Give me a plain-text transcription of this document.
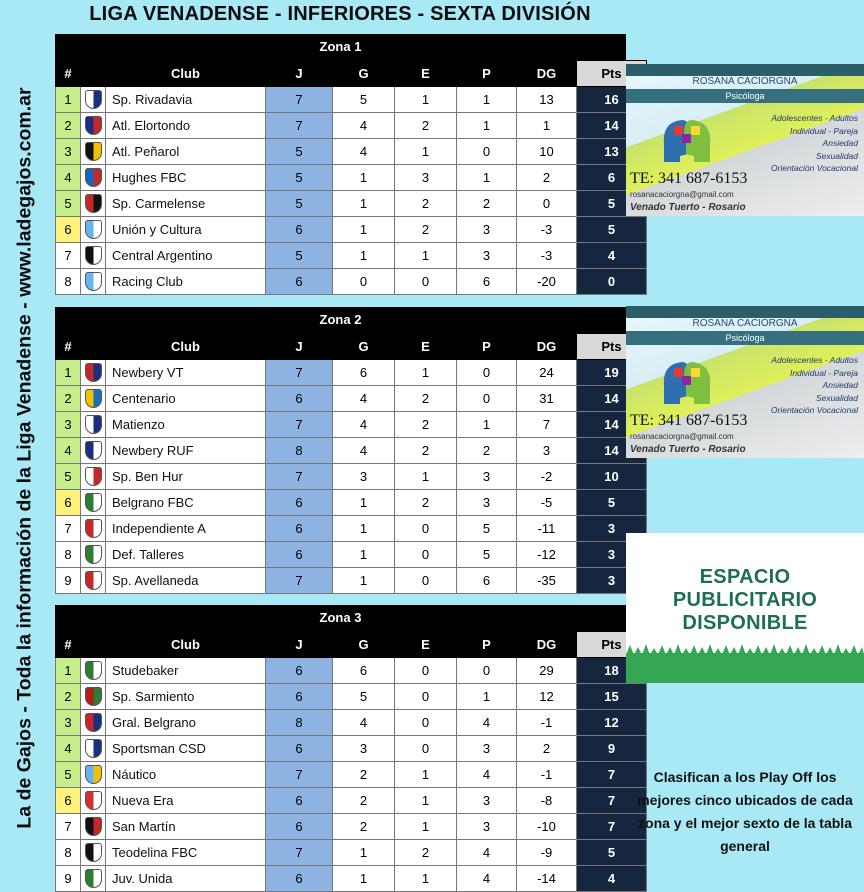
LIGA VENADENSE - INFERIORES - SEXTA DIVISIÓN
La de Gajos - Toda la información de la Liga Venadense - www.ladegajos.com.ar
Zona 1
#		Club	J	G	E	P	DG	Pts
1		Sp. Rivadavia	7	5	1	1	13	16
2		Atl. Elortondo	7	4	2	1	1	14
3		Atl. Peñarol	5	4	1	0	10	13
4		Hughes FBC	5	1	3	1	2	6
5		Sp. Carmelense	5	1	2	2	0	5
6		Unión y Cultura	6	1	2	3	-3	5
7		Central Argentino	5	1	1	3	-3	4
8		Racing Club	6	0	0	6	-20	0
Zona 2
#		Club	J	G	E	P	DG	Pts
1		Newbery VT	7	6	1	0	24	19
2		Centenario	6	4	2	0	31	14
3		Matienzo	7	4	2	1	7	14
4		Newbery RUF	8	4	2	2	3	14
5		Sp. Ben Hur	7	3	1	3	-2	10
6		Belgrano FBC	6	1	2	3	-5	5
7		Independiente A	6	1	0	5	-11	3
8		Def. Talleres	6	1	0	5	-12	3
9		Sp. Avellaneda	7	1	0	6	-35	3
Zona 3
#		Club	J	G	E	P	DG	Pts
1		Studebaker	6	6	0	0	29	18
2		Sp. Sarmiento	6	5	0	1	12	15
3		Gral. Belgrano	8	4	0	4	-1	12
4		Sportsman CSD	6	3	0	3	2	9
5		Náutico	7	2	1	4	-1	7
6		Nueva Era	6	2	1	3	-8	7
7		San Martín	6	2	1	3	-10	7
8		Teodelina FBC	7	1	2	4	-9	5
9		Juv. Unida	6	1	1	4	-14	4
ROSANA CACIORGNA
Psicóloga
Adolescentes - Adultos
Individual - Pareja
Ansiedad
Sexualidad
Orientación Vocacional
TE: 341 687-6153
rosanacaciorgna@gmail.com
Venado Tuerto - Rosario
ROSANA CACIORGNA
Psicóloga
Adolescentes - Adultos
Individual - Pareja
Ansiedad
Sexualidad
Orientación Vocacional
TE: 341 687-6153
rosanacaciorgna@gmail.com
Venado Tuerto - Rosario
ESPACIO PUBLICITARIO
DISPONIBLE
Clasifican a los Play Off los mejores cinco ubicados de cada zona y el mejor sexto de la tabla general
